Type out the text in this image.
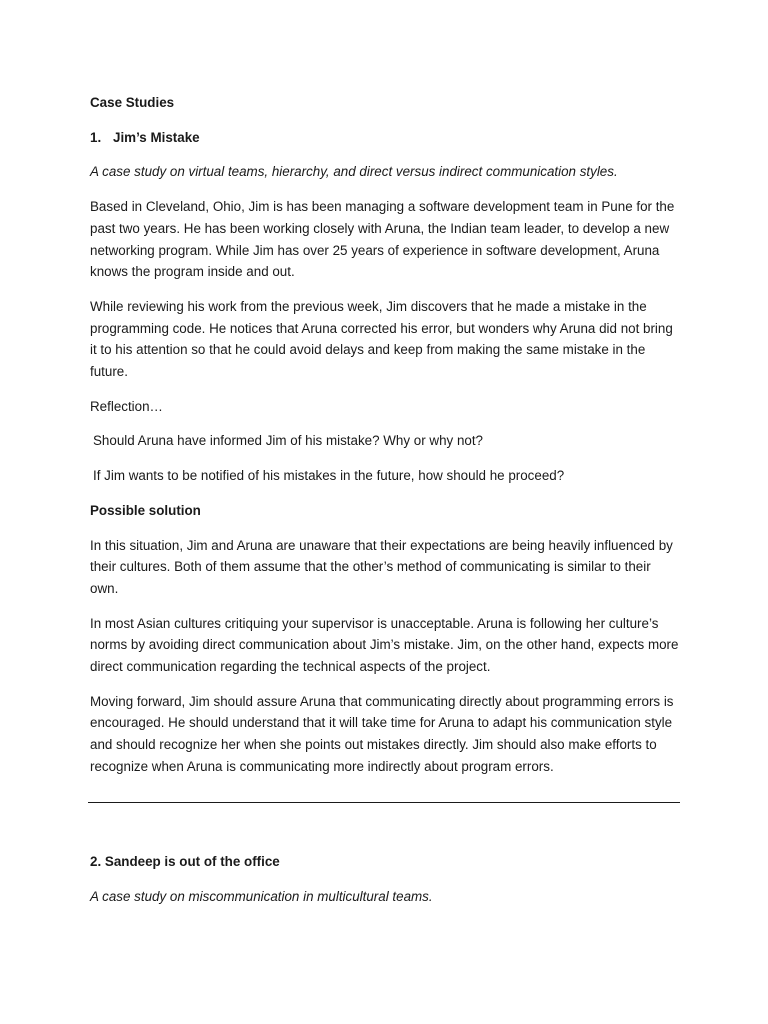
Case Studies

1. Jim’s Mistake

A case study on virtual teams, hierarchy, and direct versus indirect communication styles.

Based in Cleveland, Ohio, Jim is has been managing a software development team in Pune for the past two years. He has been working closely with Aruna, the Indian team leader, to develop a new networking program. While Jim has over 25 years of experience in software development, Aruna knows the program inside and out.

While reviewing his work from the previous week, Jim discovers that he made a mistake in the programming code. He notices that Aruna corrected his error, but wonders why Aruna did not bring it to his attention so that he could avoid delays and keep from making the same mistake in the future.

Reflection…

Should Aruna have informed Jim of his mistake? Why or why not?

If Jim wants to be notified of his mistakes in the future, how should he proceed?

Possible solution

In this situation, Jim and Aruna are unaware that their expectations are being heavily influenced by their cultures. Both of them assume that the other’s method of communicating is similar to their own.

In most Asian cultures critiquing your supervisor is unacceptable. Aruna is following her culture’s norms by avoiding direct communication about Jim’s mistake. Jim, on the other hand, expects more direct communication regarding the technical aspects of the project.

Moving forward, Jim should assure Aruna that communicating directly about programming errors is encouraged. He should understand that it will take time for Aruna to adapt his communication style and should recognize her when she points out mistakes directly. Jim should also make efforts to recognize when Aruna is communicating more indirectly about program errors.

2. Sandeep is out of the office

A case study on miscommunication in multicultural teams.
